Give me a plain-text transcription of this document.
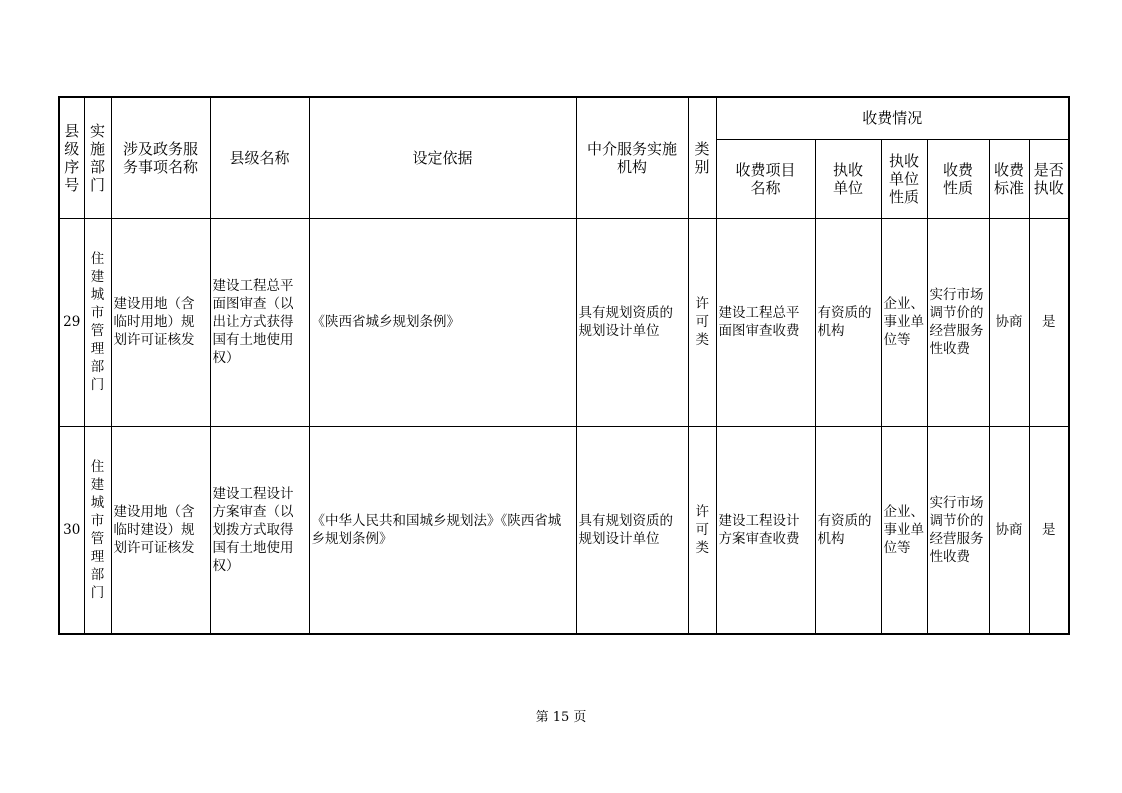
县级序号	实施部门	涉及政务服务事项名称	县级名称	设定依据	中介服务实施机构	类别	收费情况					
							收费项目名称	执收单位	执收单位性质	收费性质	收费标准	是否执收
29	住建城市管理部门	建设用地（含临时用地）规划许可证核发	建设工程总平面图审查（以出让方式获得国有土地使用权）	《陕西省城乡规划条例》	具有规划资质的规划设计单位	许可类	建设工程总平面图审查收费	有资质的机构	企业、事业单位等	实行市场调节价的经营服务性收费	协商	是
30	住建城市管理部门	建设用地（含临时建设）规划许可证核发	建设工程设计方案审查（以划拨方式取得国有土地使用权）	《中华人民共和国城乡规划法》《陕西省城乡规划条例》	具有规划资质的规划设计单位	许可类	建设工程设计方案审查收费	有资质的机构	企业、事业单位等	实行市场调节价的经营服务性收费	协商	是
第 15 页
